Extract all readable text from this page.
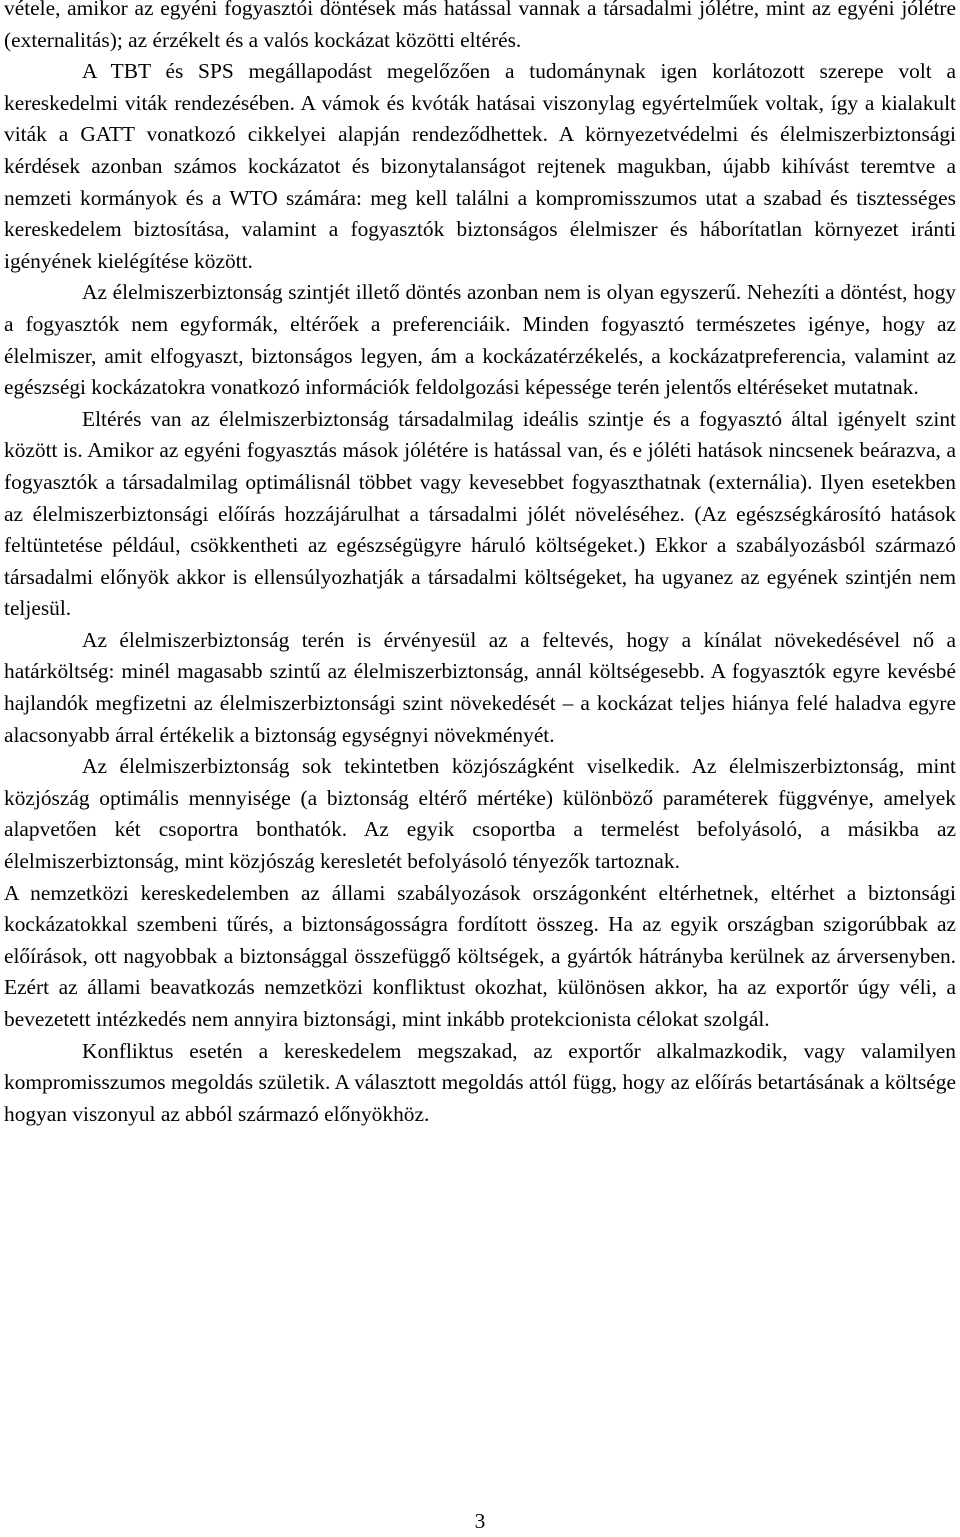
vétele, amikor az egyéni fogyasztói döntések más hatással vannak a társadalmi jólétre, mint az egyéni jólétre (externalitás); az érzékelt és a valós kockázat közötti eltérés.

A TBT és SPS megállapodást megelőzően a tudománynak igen korlátozott szerepe volt a kereskedelmi viták rendezésében. A vámok és kvóták hatásai viszonylag egyértelműek voltak, így a kialakult viták a GATT vonatkozó cikkelyei alapján rendeződhettek. A környezetvédelmi és élelmiszerbiztonsági kérdések azonban számos kockázatot és bizonytalanságot rejtenek magukban, újabb kihívást teremtve a nemzeti kormányok és a WTO számára: meg kell találni a kompromisszumos utat a szabad és tisztességes kereskedelem biztosítása, valamint a fogyasztók biztonságos élelmiszer és háborítatlan környezet iránti igényének kielégítése között.

Az élelmiszerbiztonság szintjét illető döntés azonban nem is olyan egyszerű. Nehezíti a döntést, hogy a fogyasztók nem egyformák, eltérőek a preferenciáik. Minden fogyasztó természetes igénye, hogy az élelmiszer, amit elfogyaszt, biztonságos legyen, ám a kockázatérzékelés, a kockázatpreferencia, valamint az egészségi kockázatokra vonatkozó információk feldolgozási képessége terén jelentős eltéréseket mutatnak.

Eltérés van az élelmiszerbiztonság társadalmilag ideális szintje és a fogyasztó által igényelt szint között is. Amikor az egyéni fogyasztás mások jólétére is hatással van, és e jóléti hatások nincsenek beárazva, a fogyasztók a társadalmilag optimálisnál többet vagy kevesebbet fogyaszthatnak (externália). Ilyen esetekben az élelmiszerbiztonsági előírás hozzájárulhat a társadalmi jólét növeléséhez. (Az egészségkárosító hatások feltüntetése például, csökkentheti az egészségügyre háruló költségeket.) Ekkor a szabályozásból származó társadalmi előnyök akkor is ellensúlyozhatják a társadalmi költségeket, ha ugyanez az egyének szintjén nem teljesül.

Az élelmiszerbiztonság terén is érvényesül az a feltevés, hogy a kínálat növekedésével nő a határköltség: minél magasabb szintű az élelmiszerbiztonság, annál költségesebb. A fogyasztók egyre kevésbé hajlandók megfizetni az élelmiszerbiztonsági szint növekedését – a kockázat teljes hiánya felé haladva egyre alacsonyabb árral értékelik a biztonság egységnyi növekményét.

Az élelmiszerbiztonság sok tekintetben közjószágként viselkedik. Az élelmiszerbiztonság, mint közjószág optimális mennyisége (a biztonság eltérő mértéke) különböző paraméterek függvénye, amelyek alapvetően két csoportra bonthatók. Az egyik csoportba a termelést befolyásoló, a másikba az élelmiszerbiztonság, mint közjószág keresletét befolyásoló tényezők tartoznak.

A nemzetközi kereskedelemben az állami szabályozások országonként eltérhetnek, eltérhet a biztonsági kockázatokkal szembeni tűrés, a biztonságosságra fordított összeg. Ha az egyik országban szigorúbbak az előírások, ott nagyobbak a biztonsággal összefüggő költségek, a gyártók hátrányba kerülnek az árversenyben. Ezért az állami beavatkozás nemzetközi konfliktust okozhat, különösen akkor, ha az exportőr úgy véli, a bevezetett intézkedés nem annyira biztonsági, mint inkább protekcionista célokat szolgál.

Konfliktus esetén a kereskedelem megszakad, az exportőr alkalmazkodik, vagy valamilyen kompromisszumos megoldás születik. A választott megoldás attól függ, hogy az előírás betartásának a költsége hogyan viszonyul az abból származó előnyökhöz.

3
